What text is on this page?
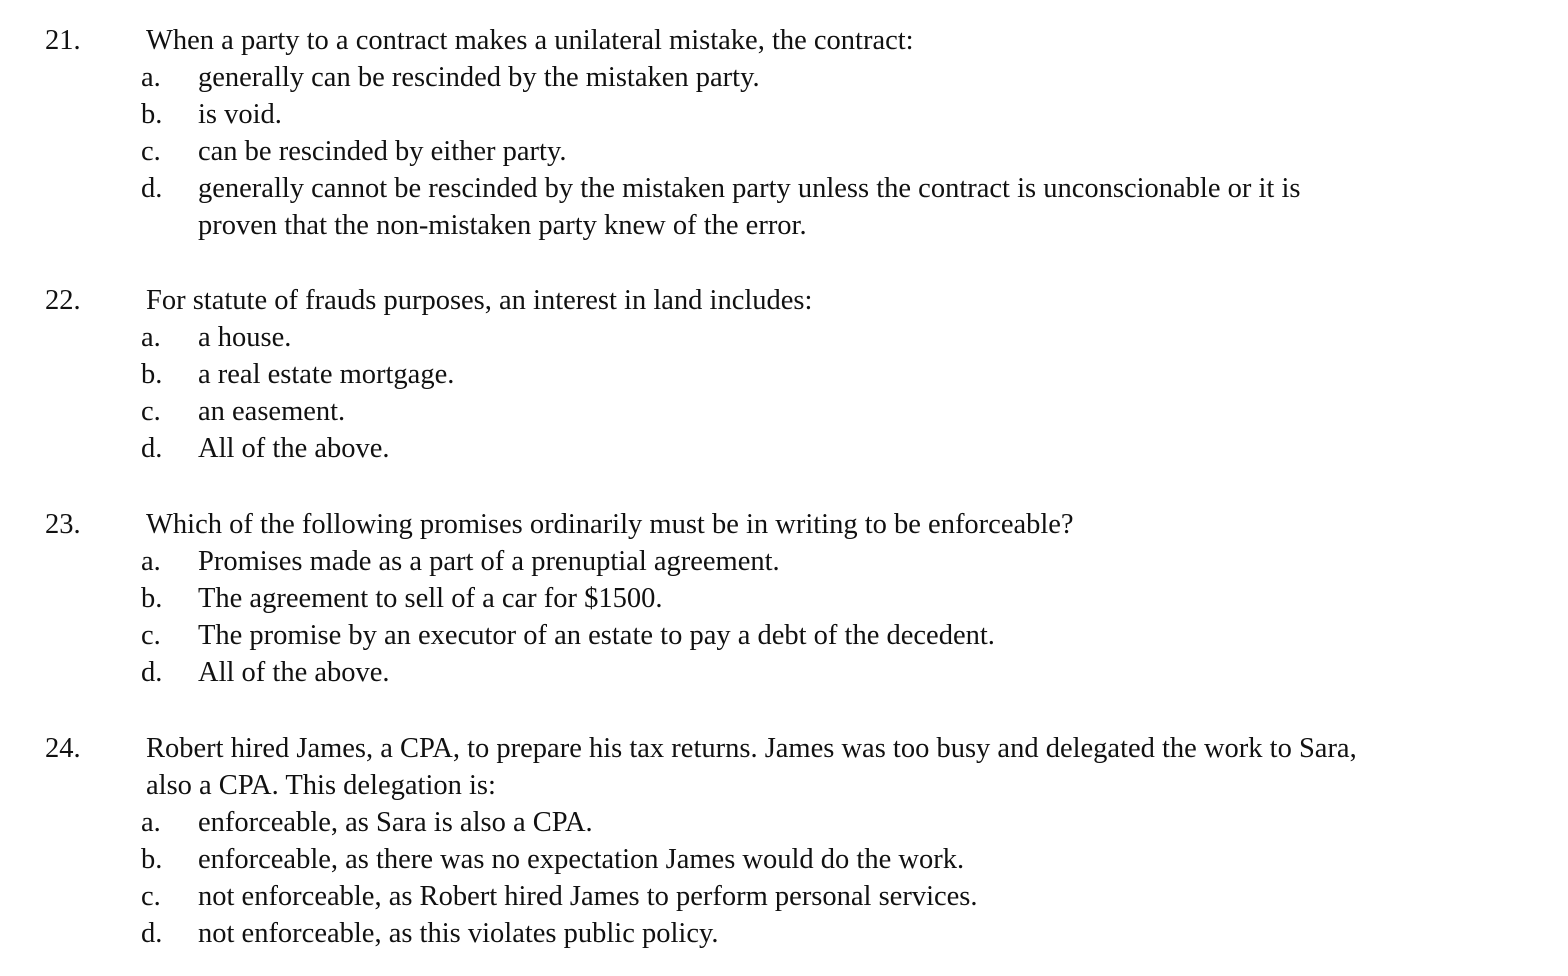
21. When a party to a contract makes a unilateral mistake, the contract:
a. generally can be rescinded by the mistaken party.
b. is void.
c. can be rescinded by either party.
d. generally cannot be rescinded by the mistaken party unless the contract is unconscionable or it is
proven that the non-mistaken party knew of the error.
22. For statute of frauds purposes, an interest in land includes:
a. a house.
b. a real estate mortgage.
c. an easement.
d. All of the above.
23. Which of the following promises ordinarily must be in writing to be enforceable?
a. Promises made as a part of a prenuptial agreement.
b. The agreement to sell of a car for $1500.
c. The promise by an executor of an estate to pay a debt of the decedent.
d. All of the above.
24. Robert hired James, a CPA, to prepare his tax returns. James was too busy and delegated the work to Sara,
also a CPA. This delegation is:
a. enforceable, as Sara is also a CPA.
b. enforceable, as there was no expectation James would do the work.
c. not enforceable, as Robert hired James to perform personal services.
d. not enforceable, as this violates public policy.
